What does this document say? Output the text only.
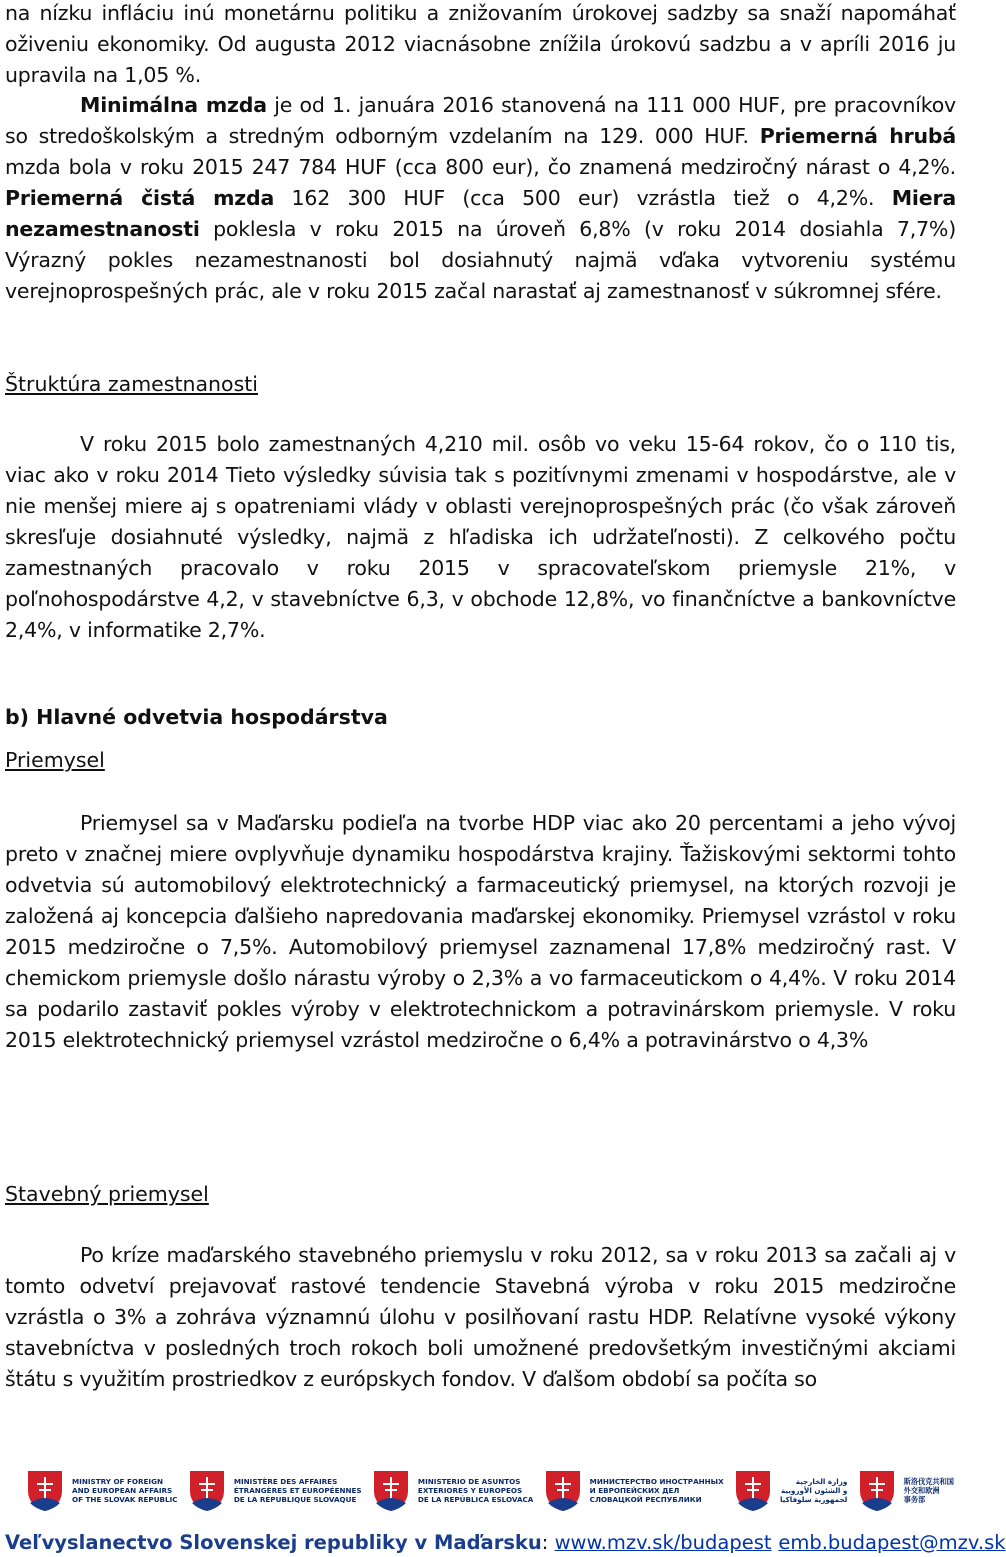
na nízku infláciu inú monetárnu politiku a znižovaním úrokovej sadzby sa snaží napomáhať oživeniu ekonomiky. Od augusta 2012 viacnásobne znížila úrokovú sadzbu a v apríli 2016 ju upravila na 1,05 %.

Minimálna mzda je od 1. januára 2016 stanovená na 111 000 HUF, pre pracovníkov so stredoškolským a stredným odborným vzdelaním na 129. 000 HUF. Priemerná hrubá mzda bola v roku 2015 247 784 HUF (cca 800 eur), čo znamená medziročný nárast o 4,2%. Priemerná čistá mzda 162 300 HUF (cca 500 eur) vzrástla tiež o 4,2%. Miera nezamestnanosti poklesla v roku 2015 na úroveň 6,8% (v roku 2014 dosiahla 7,7%) Výrazný pokles nezamestnanosti bol dosiahnutý najmä vďaka vytvoreniu systému verejnoprospešných prác, ale v roku 2015 začal narastať aj zamestnanosť v súkromnej sfére.

Štruktúra zamestnanosti

V roku 2015 bolo zamestnaných 4,210 mil. osôb vo veku 15-64 rokov, čo o 110 tis, viac ako v roku 2014 Tieto výsledky súvisia tak s pozitívnymi zmenami v hospodárstve, ale v nie menšej miere aj s opatreniami vlády v oblasti verejnoprospešných prác (čo však zároveň skresľuje dosiahnuté výsledky, najmä z hľadiska ich udržateľnosti). Z celkového počtu zamestnaných pracovalo v roku 2015 v spracovateľskom priemysle 21%, v poľnohospodárstve 4,2, v stavebníctve 6,3, v obchode 12,8%, vo finančníctve a bankovníctve 2,4%, v informatike 2,7%.

b) Hlavné odvetvia hospodárstva

Priemysel

Priemysel sa v Maďarsku podieľa na tvorbe HDP viac ako 20 percentami a jeho vývoj preto v značnej miere ovplyvňuje dynamiku hospodárstva krajiny. Ťažiskovými sektormi tohto odvetvia sú automobilový elektrotechnický a farmaceutický priemysel, na ktorých rozvoji je založená aj koncepcia ďalšieho napredovania maďarskej ekonomiky. Priemysel vzrástol v roku 2015 medziročne o 7,5%. Automobilový priemysel zaznamenal 17,8% medziročný rast. V chemickom priemysle došlo nárastu výroby o 2,3% a vo farmaceutickom o 4,4%. V roku 2014 sa podarilo zastaviť pokles výroby v elektrotechnickom a potravinárskom priemysle. V roku 2015 elektrotechnický priemysel vzrástol medziročne o 6,4% a potravinárstvo o 4,3%

Stavebný priemysel

Po kríze maďarského stavebného priemyslu v roku 2012, sa v roku 2013 sa začali aj v tomto odvetví prejavovať rastové tendencie Stavebná výroba v roku 2015 medziročne vzrástla o 3% a zohráva významnú úlohu v posilňovaní rastu HDP. Relatívne vysoké výkony stavebníctva v posledných troch rokoch boli umožnené predovšetkým investičnými akciami štátu s využitím prostriedkov z európskych fondov. V ďalšom období sa počíta so

MINISTRY OF FOREIGN
AND EUROPEAN AFFAIRS
OF THE SLOVAK REPUBLIC
MINISTÈRE DES AFFAIRES
ÉTRANGÈRES ET EUROPÉENNES
DE LA RÉPUBLIQUE SLOVAQUE
MINISTERIO DE ASUNTOS
EXTERIORES Y EUROPEOS
DE LA REPÚBLICA ESLOVACA
МИНИСТЕРСТВО ИНОСТРАННЫХ
И ЕВРОПЕЙСКИХ ДЕЛ
СЛОВАЦКОЙ РЕСПУБЛИКИ
وزارة الخارجية
و الشئون الأوروبية
لجمهورية سلوفاكيا
斯洛伐克共和国
外交和欧洲
事务部
Veľvyslanectvo Slovenskej republiky v Maďarsku: www.mzv.sk/budapest emb.budapest@mzv.sk
